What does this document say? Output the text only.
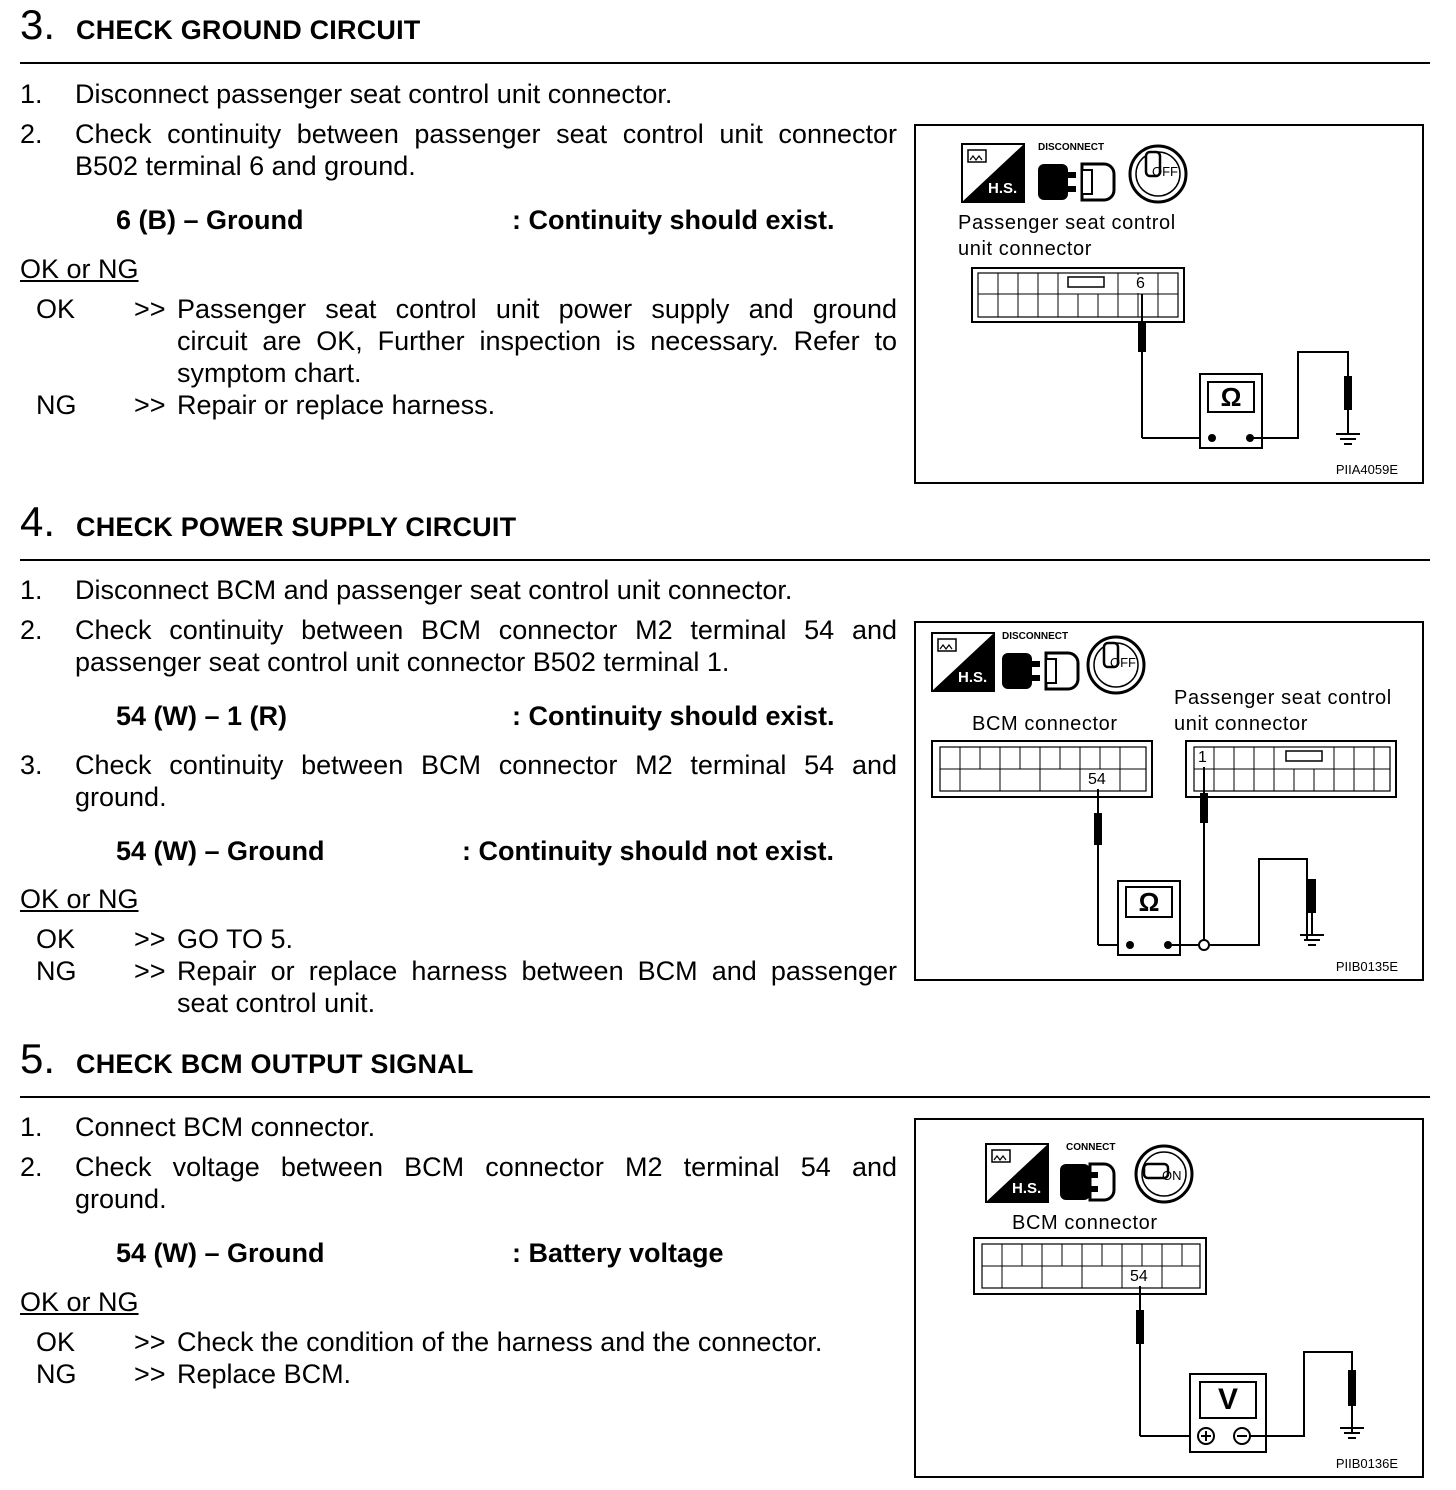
3. CHECK GROUND CIRCUIT
1. Disconnect passenger seat control unit connector.
2. Check continuity between passenger seat control unit connector
B502 terminal 6 and ground.
6 (B) – Ground	: Continuity should exist.
OK or NG
OK >> Passenger seat control unit power supply and ground
circuit are OK, Further inspection is necessary. Refer to
symptom chart.
NG >> Repair or replace harness.
DISCONNECT
H.S.
OFF
Ω
Passenger seat control
unit connector
6
PIIA4059E
4. CHECK POWER SUPPLY CIRCUIT
1. Disconnect BCM and passenger seat control unit connector.
2. Check continuity between BCM connector M2 terminal 54 and
passenger seat control unit connector B502 terminal 1.
54 (W) – 1 (R)	: Continuity should exist.
3. Check continuity between BCM connector M2 terminal 54 and
ground.
54 (W) – Ground	: Continuity should not exist.
OK or NG
OK >> GO TO 5.
NG >> Repair or replace harness between BCM and passenger
seat control unit.
DISCONNECT
H.S.
OFF
Ω
BCM connector
Passenger seat control
unit connector
54
1
PIIB0135E
5. CHECK BCM OUTPUT SIGNAL
1. Connect BCM connector.
2. Check voltage between BCM connector M2 terminal 54 and
ground.
54 (W) – Ground	: Battery voltage
OK or NG
OK >> Check the condition of the harness and the connector.
NG >> Replace BCM.
CONNECT
H.S.
ON
V
BCM connector
54
PIIB0136E
